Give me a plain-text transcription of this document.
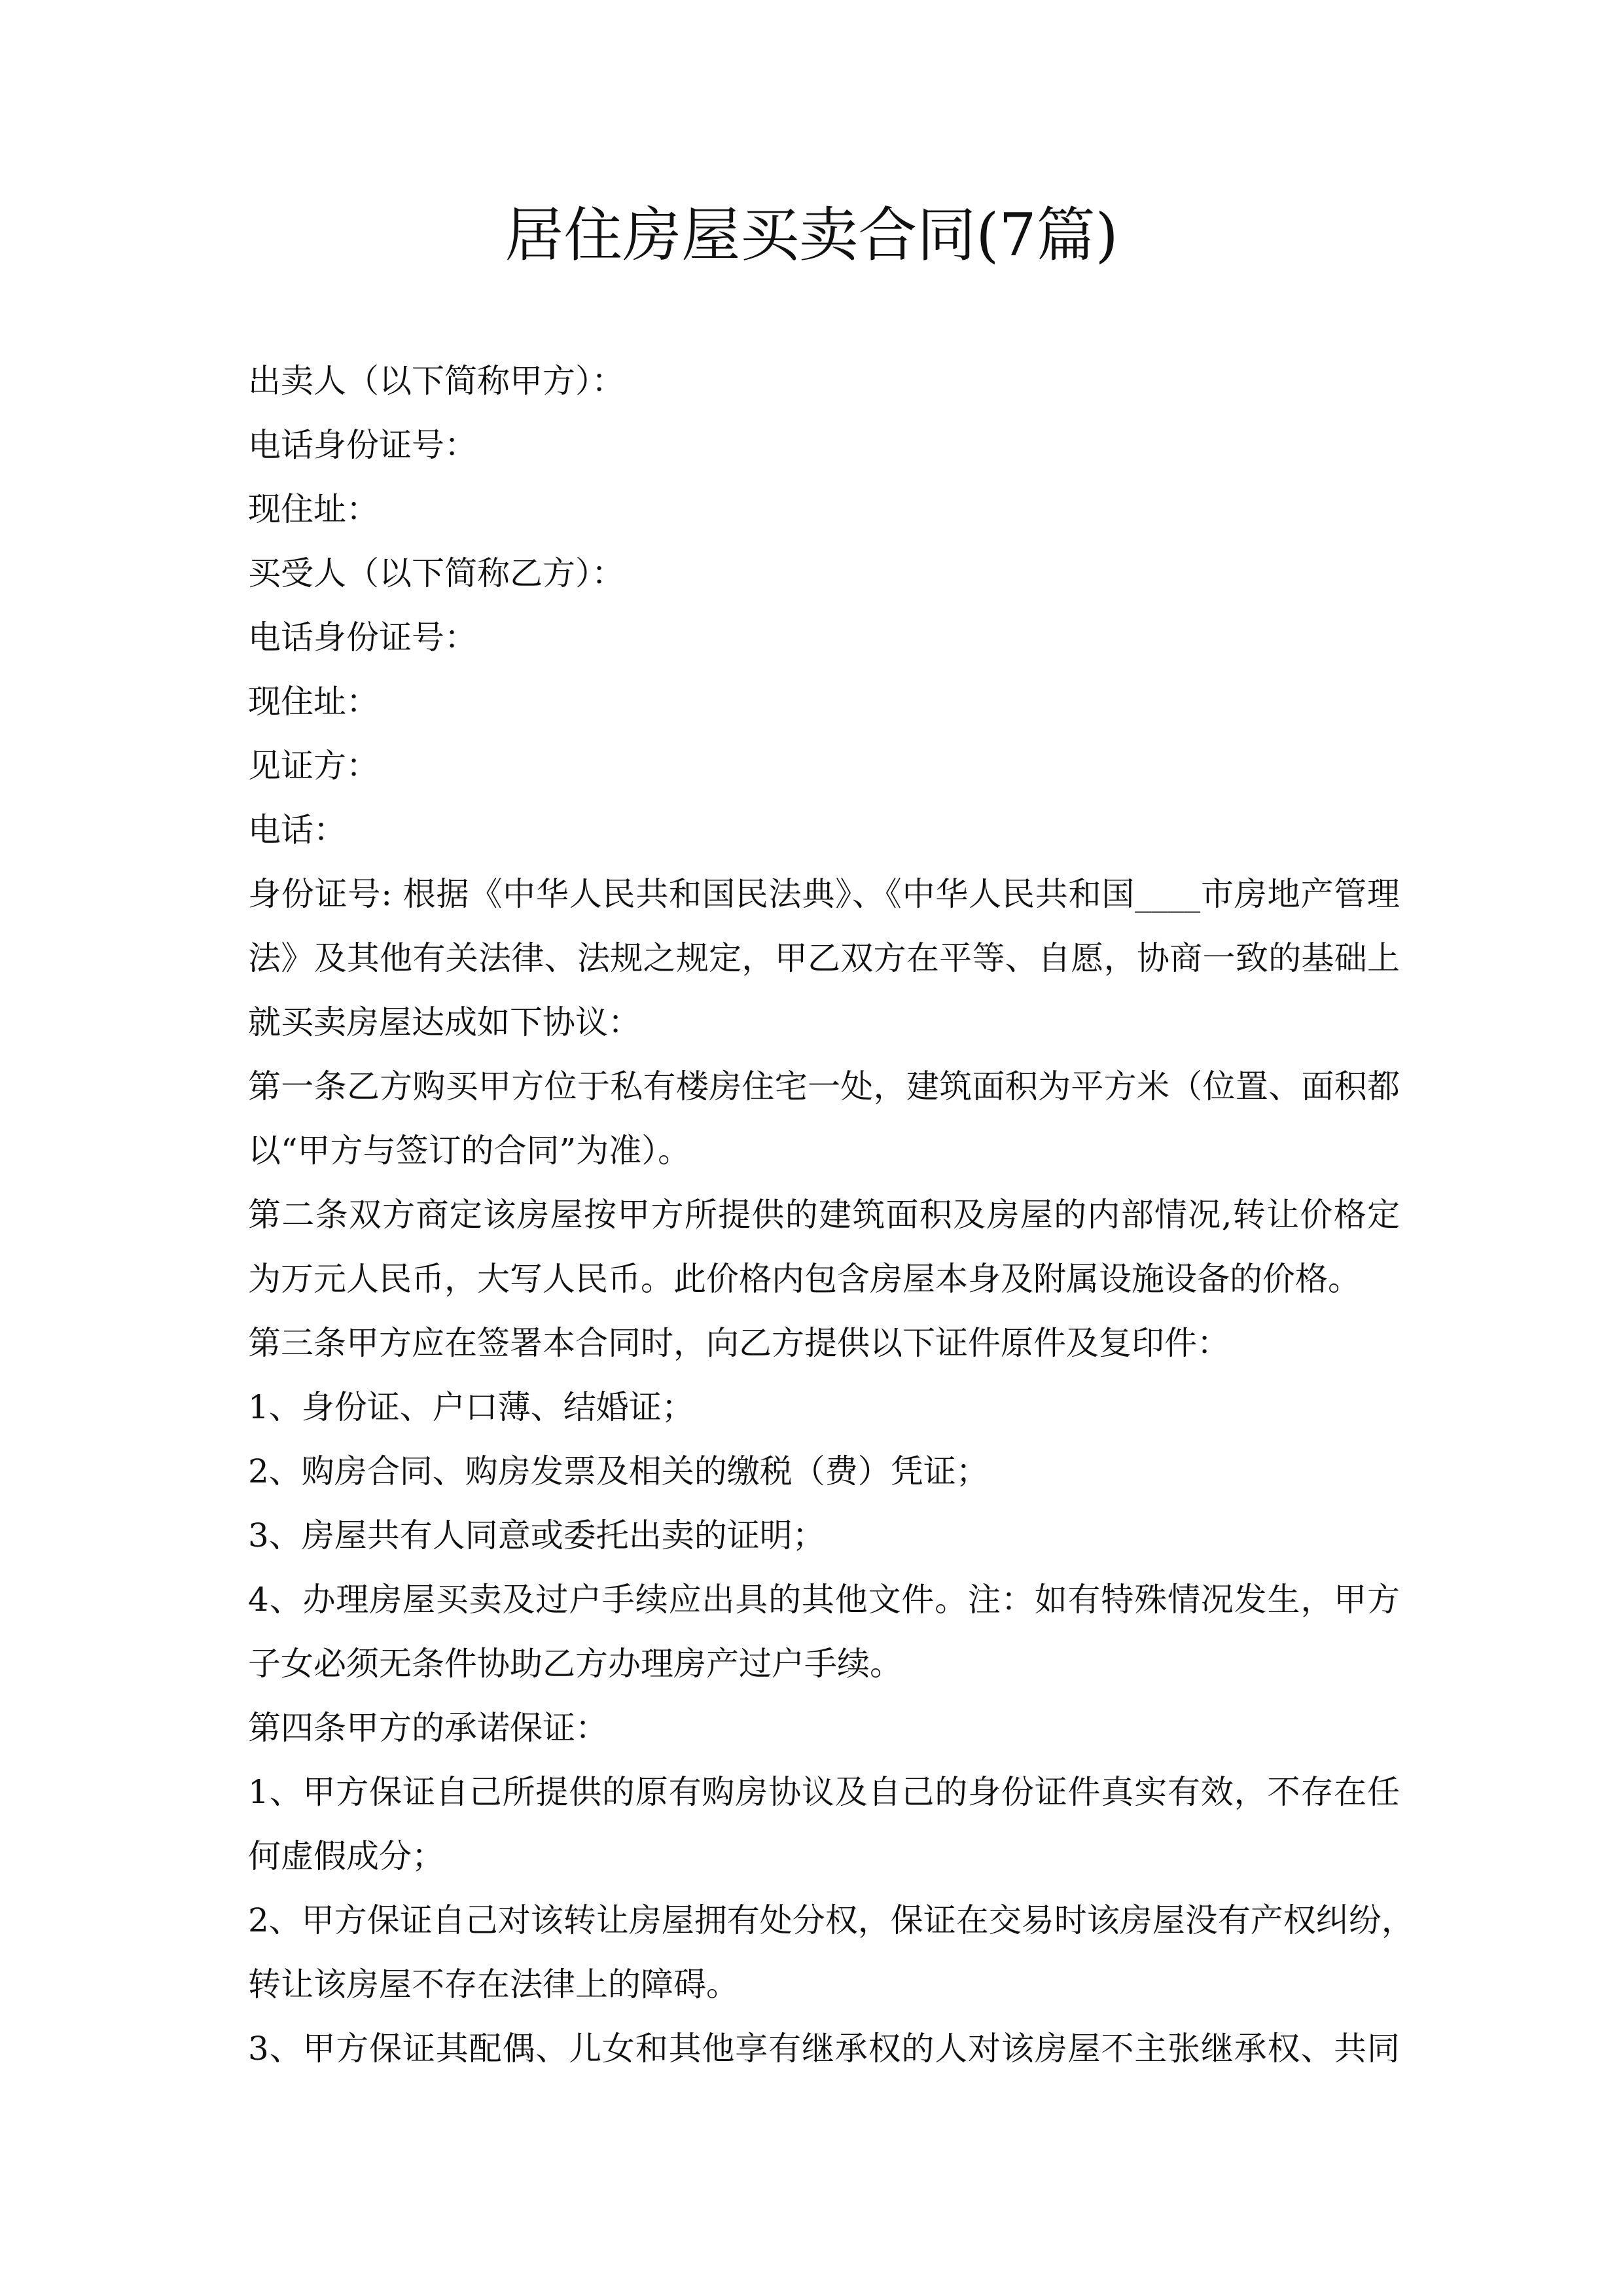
居住房屋买卖合同(7篇)
出卖人（以下简称甲方）：
电话身份证号：
现住址：
买受人（以下简称乙方）：
电话身份证号：
现住址：
见证方：
电话：
身份证号: 根据《中华人民共和国民法典》、《中华人民共和国____市房地产管理
法》及其他有关法律、法规之规定，甲乙双方在平等、自愿，协商一致的基础上
就买卖房屋达成如下协议：
第一条乙方购买甲方位于私有楼房住宅一处，建筑面积为平方米（位置、面积都
以“甲方与签订的合同”为准）。
第二条双方商定该房屋按甲方所提供的建筑面积及房屋的内部情况,转让价格定
为万元人民币，大写人民币。此价格内包含房屋本身及附属设施设备的价格。
第三条甲方应在签署本合同时，向乙方提供以下证件原件及复印件：
1、身份证、户口薄、结婚证；
2、购房合同、购房发票及相关的缴税（费）凭证；
3、房屋共有人同意或委托出卖的证明；
4、办理房屋买卖及过户手续应出具的其他文件。注：如有特殊情况发生，甲方
子女必须无条件协助乙方办理房产过户手续。
第四条甲方的承诺保证：
1、甲方保证自己所提供的原有购房协议及自己的身份证件真实有效，不存在任
何虚假成分；
2、甲方保证自己对该转让房屋拥有处分权，保证在交易时该房屋没有产权纠纷，
转让该房屋不存在法律上的障碍。
3、甲方保证其配偶、儿女和其他享有继承权的人对该房屋不主张继承权、共同
